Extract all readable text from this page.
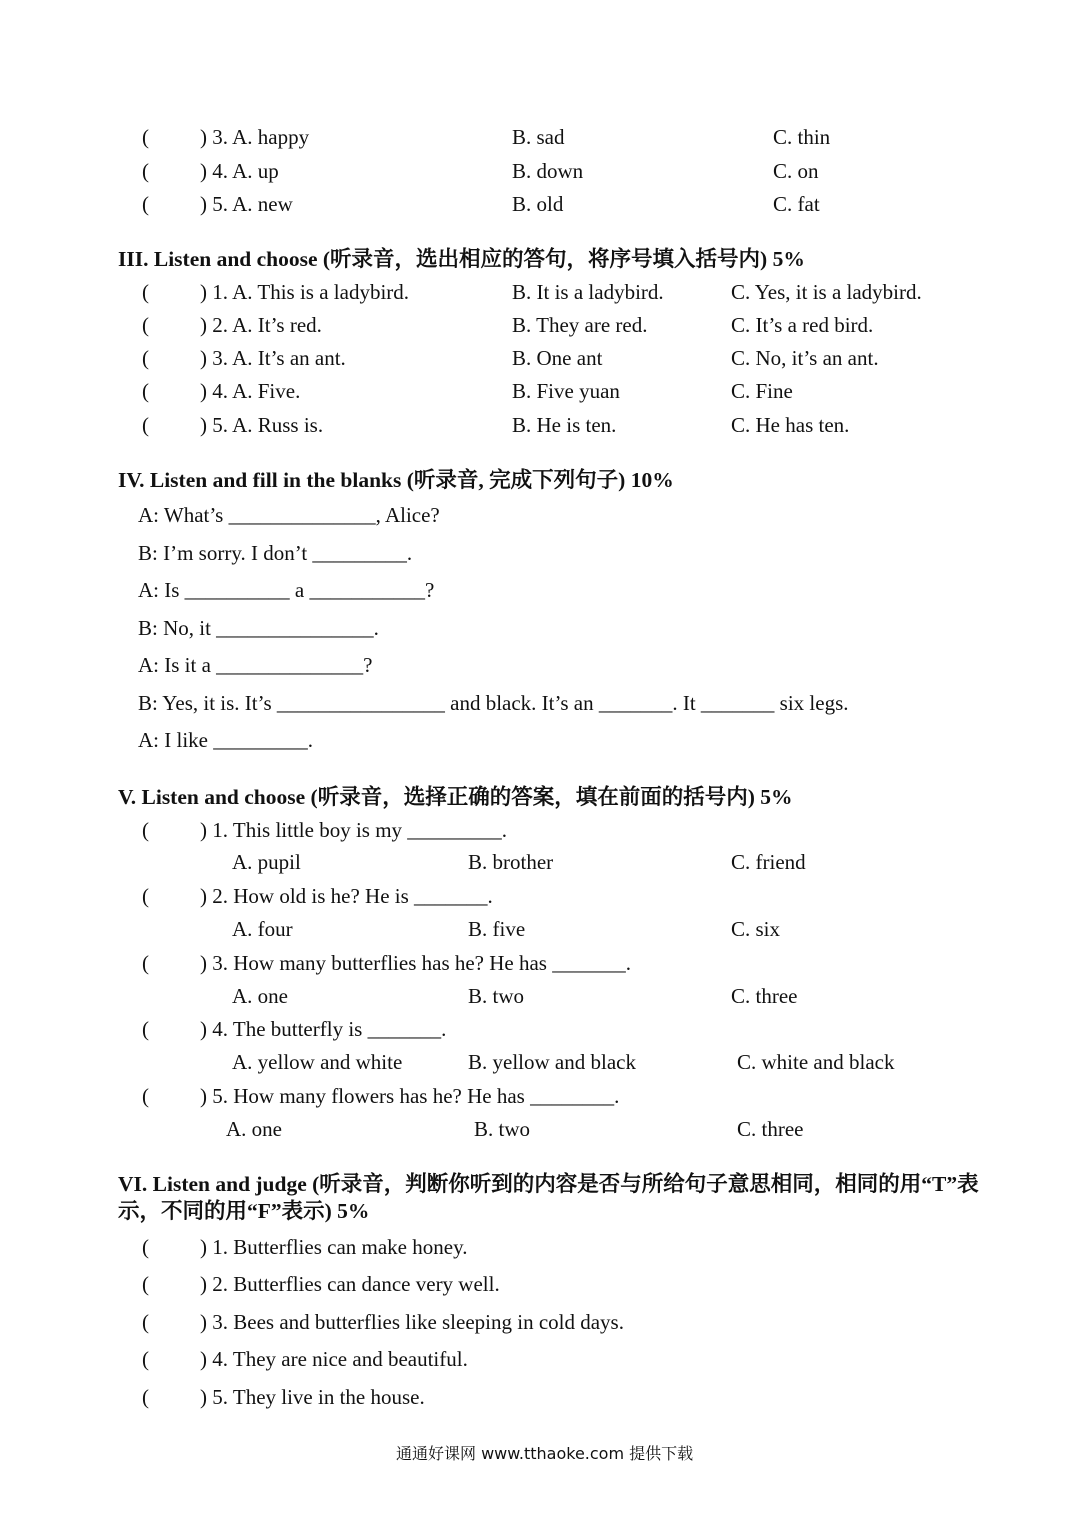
( ) 3. A. happy	B. sad	C. thin
( ) 4. A. up	B. down	C. on
( ) 5. A. new	B. old	C. fat
III. Listen and choose (听录音，选出相应的答句，将序号填入括号内) 5%
( ) 1. A. This is a ladybird.	B. It is a ladybird.	C. Yes, it is a ladybird.
( ) 2. A. It’s red.	B. They are red.	C. It’s a red bird.
( ) 3. A. It’s an ant.	B. One ant	C. No, it’s an ant.
( ) 4. A. Five.	B. Five yuan	C. Fine
( ) 5. A. Russ is.	B. He is ten.	C. He has ten.
IV. Listen and fill in the blanks (听录音, 完成下列句子) 10%
A: What’s ______________, Alice?
B: I’m sorry. I don’t _________.
A: Is __________ a ___________?
B: No, it _______________.
A: Is it a ______________?
B: Yes, it is. It’s ________________ and black. It’s an _______. It _______ six legs.
A: I like _________.
V. Listen and choose (听录音，选择正确的答案，填在前面的括号内) 5%
( ) 1. This little boy is my _________.
A. pupil	B. brother	C. friend
( ) 2. How old is he? He is _______.
A. four	B. five	C. six
( ) 3. How many butterflies has he? He has _______.
A. one	B. two	C. three
( ) 4. The butterfly is _______.
A. yellow and white	B. yellow and black	C. white and black
( ) 5. How many flowers has he? He has ________.
A. one	B. two	C. three
VI. Listen and judge (听录音，判断你听到的内容是否与所给句子意思相同，相同的用“T”表示，不同的用“F”表示) 5%
( ) 1. Butterflies can make honey.
( ) 2. Butterflies can dance very well.
( ) 3. Bees and butterflies like sleeping in cold days.
( ) 4. They are nice and beautiful.
( ) 5. They live in the house.
通通好课网 www.tthaoke.com 提供下载
